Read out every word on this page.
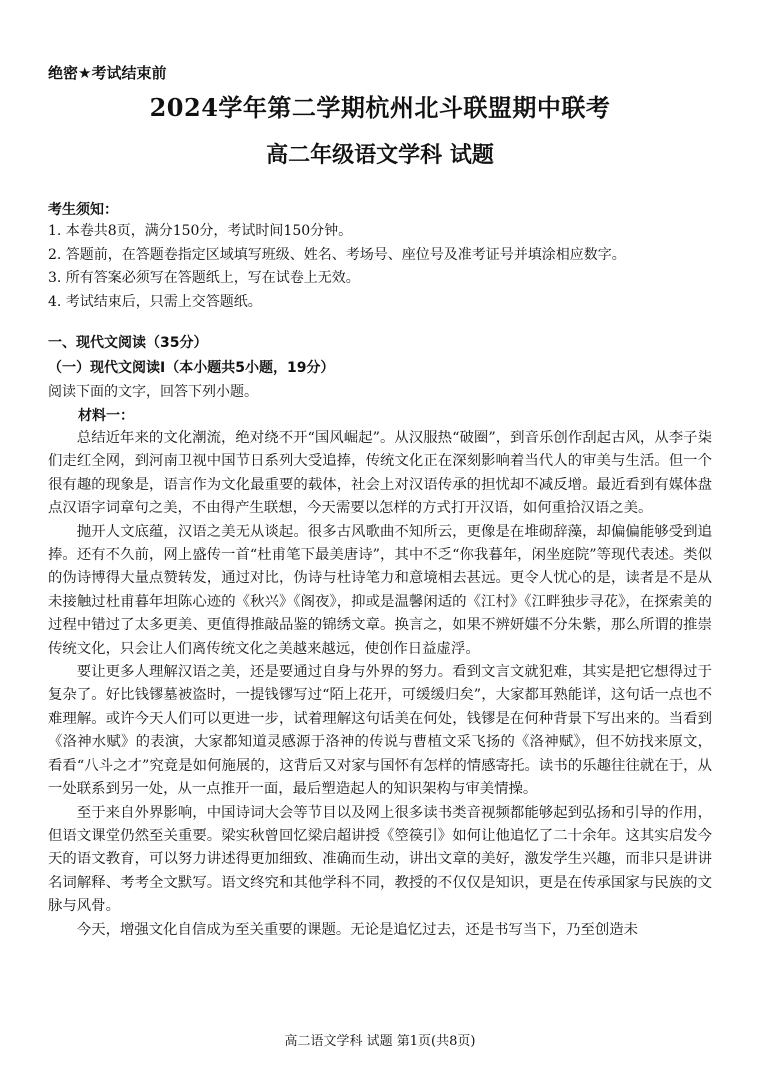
绝密★考试结束前
2024学年第二学期杭州北斗联盟期中联考
高二年级语文学科 试题
考生须知：
1. 本卷共8页，满分150分，考试时间150分钟。
2. 答题前，在答题卷指定区域填写班级、姓名、考场号、座位号及准考证号并填涂相应数字。
3. 所有答案必须写在答题纸上，写在试卷上无效。
4. 考试结束后，只需上交答题纸。
一、现代文阅读（35分）
（一）现代文阅读Ⅰ（本小题共5小题，19分）
阅读下面的文字，回答下列小题。
材料一：

总结近年来的文化潮流，绝对绕不开“国风崛起”。从汉服热“破圈”，到音乐创作刮起古风，从李子柒们走红全网，到河南卫视中国节日系列大受追捧，传统文化正在深刻影响着当代人的审美与生活。但一个很有趣的现象是，语言作为文化最重要的载体，社会上对汉语传承的担忧却不减反增。最近看到有媒体盘点汉语字词章句之美，不由得产生联想，今天需要以怎样的方式打开汉语，如何重拾汉语之美。

抛开人文底蕴，汉语之美无从谈起。很多古风歌曲不知所云，更像是在堆砌辞藻，却偏偏能够受到追捧。还有不久前，网上盛传一首“杜甫笔下最美唐诗”，其中不乏“你我暮年，闲坐庭院”等现代表述。类似的伪诗博得大量点赞转发，通过对比，伪诗与杜诗笔力和意境相去甚远。更令人忧心的是，读者是不是从未接触过杜甫暮年坦陈心迹的《秋兴》《阁夜》，抑或是温馨闲适的《江村》《江畔独步寻花》，在探索美的过程中错过了太多更美、更值得推敲品鉴的锦绣文章。换言之，如果不辨妍媸不分朱紫，那么所谓的推崇传统文化，只会让人们离传统文化之美越来越远，使创作日益虚浮。

要让更多人理解汉语之美，还是要通过自身与外界的努力。看到文言文就犯难，其实是把它想得过于复杂了。好比钱镠墓被盗时，一提钱镠写过“陌上花开，可缓缓归矣”，大家都耳熟能详，这句话一点也不难理解。或许今天人们可以更进一步，试着理解这句话美在何处，钱镠是在何种背景下写出来的。当看到《洛神水赋》的表演，大家都知道灵感源于洛神的传说与曹植文采飞扬的《洛神赋》，但不妨找来原文，看看“八斗之才”究竟是如何施展的，这背后又对家与国怀有怎样的情感寄托。读书的乐趣往往就在于，从一处联系到另一处，从一点推开一面，最后塑造起人的知识架构与审美情操。

至于来自外界影响，中国诗词大会等节目以及网上很多读书类音视频都能够起到弘扬和引导的作用，但语文课堂仍然至关重要。梁实秋曾回忆梁启超讲授《箜篌引》如何让他追忆了二十余年。这其实启发今天的语文教育，可以努力讲述得更加细致、准确而生动，讲出文章的美好，激发学生兴趣，而非只是讲讲名词解释、考考全文默写。语文终究和其他学科不同，教授的不仅仅是知识，更是在传承国家与民族的文脉与风骨。

今天，增强文化自信成为至关重要的课题。无论是追忆过去，还是书写当下，乃至创造未

高二语文学科 试题 第1页(共8页)
